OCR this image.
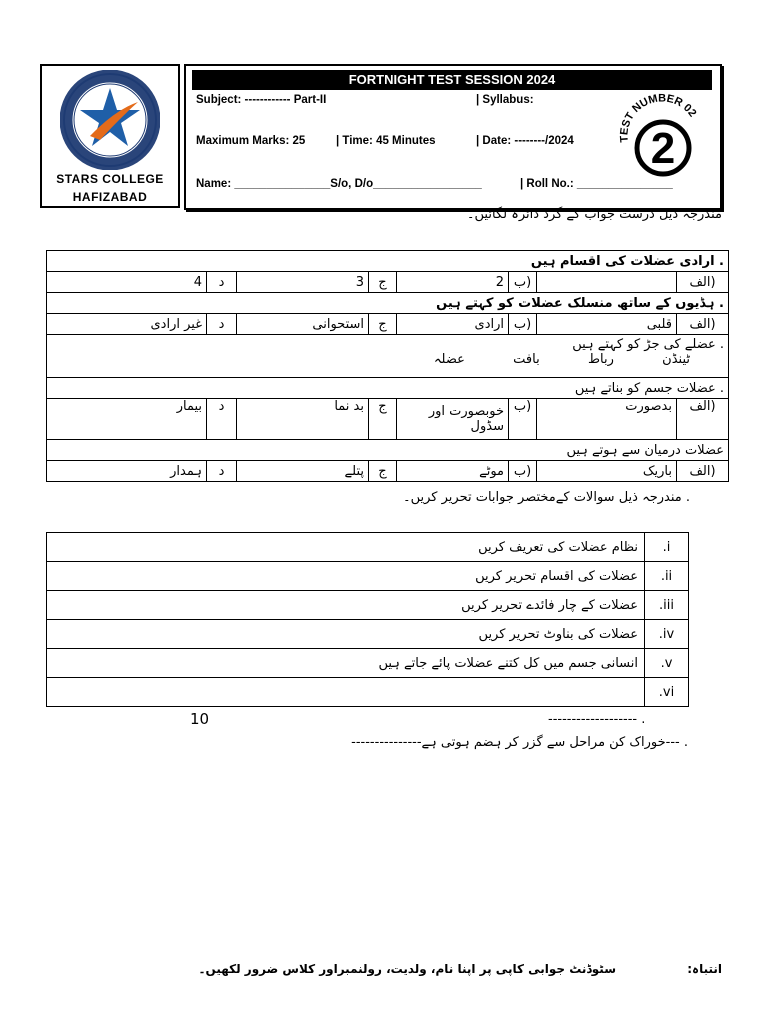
STARS COLLEGE
HAFIZABAD
FORTNIGHT TEST SESSION 2024
Subject: ------------ Part-II	| Syllabus:
Maximum Marks: 25	| Time: 45 Minutes	| Date: --------/2024
Name: _______________S/o, D/o_________________	| Roll No.: _______________
TEST NUMBER 02
2
مندرجہ ذیل درست جواب کے گرد دائرہ لگائیں۔
. ارادی عضلات کی اقسام ہیں							
4	د	3	ج	2	ب)		الف)
. ہڈیوں کے ساتھ منسلک عضلات کو کہتے ہیں							
غیر ارادی	د	استحوانی	ج	ارادی	ب)	قلبی	الف)

. عضلے کی جڑ کو کہتے ہیں
ٹینڈن  رباط  بافت  عضلہ							

. عضلات جسم کو بناتے ہیں							
بیمار	د	بد نما	ج	خوبصورت اور سڈول	ب)	بدصورت	الف)
عضلات درمیان سے ہوتے ہیں							
ہمدار	د	پتلے	ج	موٹے	ب)	باریک	الف)
. مندرجہ ذیل سوالات کےمختصر جوابات تحریر کریں۔
نظام عضلات کی تعریف کریں	.i
عضلات کی اقسام تحریر کریں	.ii
عضلات کے چار فائدے تحریر کریں	.iii
عضلات کی بناوٹ تحریر کریں	.iv
انسانی جسم میں کل کتنے عضلات پائے جاتے ہیں	.v
	.vi
10	------------------- .
. ---خوراک کن مراحل سے گزر کر ہضم ہوتی ہے---------------
سٹوڈنٹ جوابی کاپی پر اپنا نام، ولدیت، رولنمبراور کلاس ضرور لکھیں۔	انتباہ:
